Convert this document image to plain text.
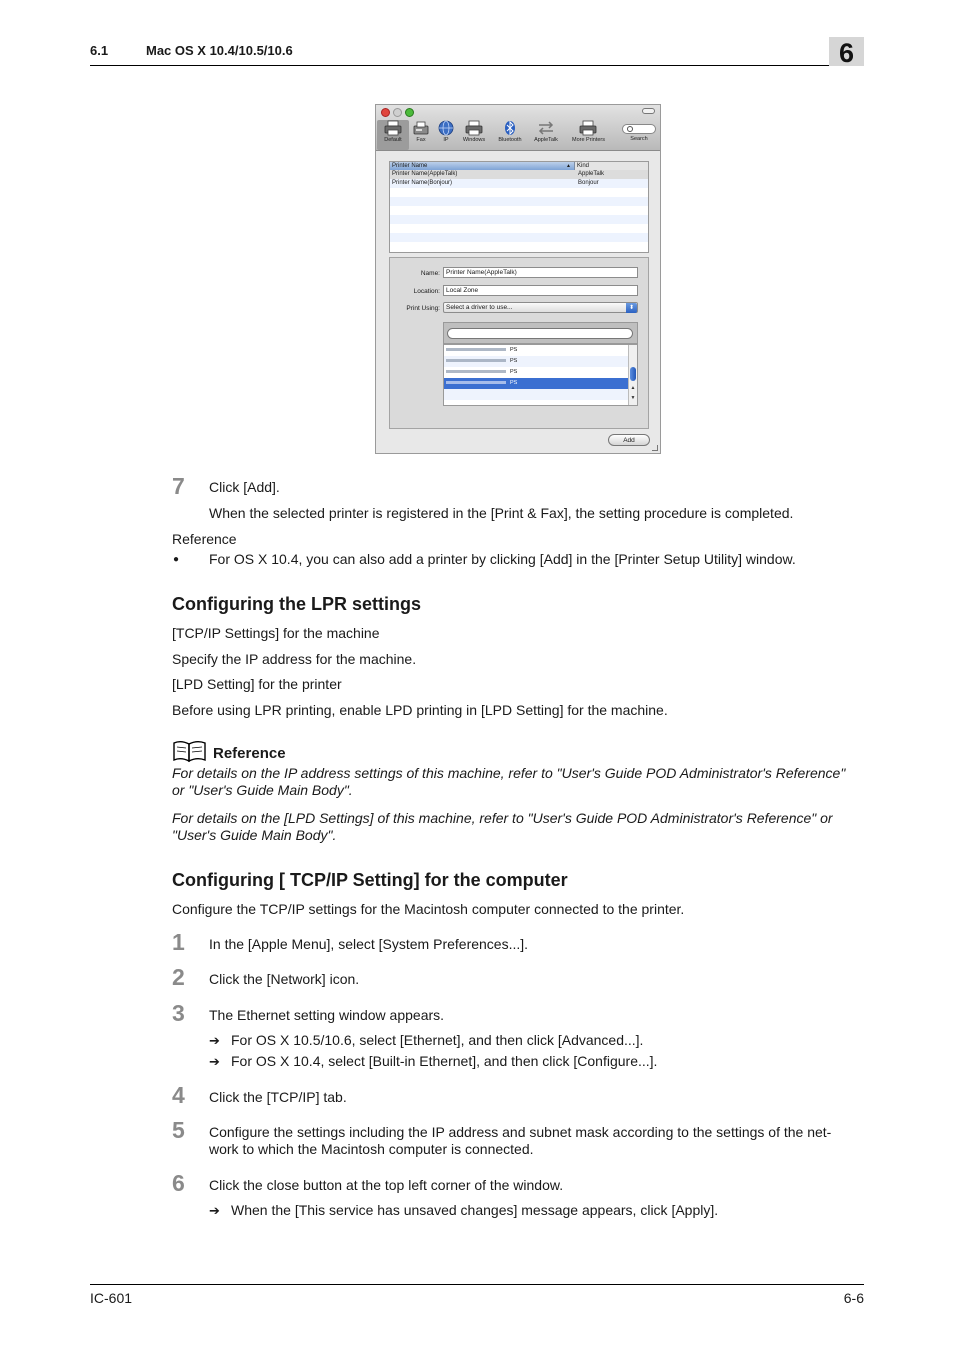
6.1	Mac OS X 10.4/10.5/10.6	6
Default	Fax	IP	Windows	Bluetooth	AppleTalk	More Printers	Search
Printer Name	▲	Kind
Printer Name(AppleTalk)	AppleTalk
Printer Name(Bonjour)	Bonjour
Name: Printer Name(AppleTalk)
Location: Local Zone
Print Using: Select a driver to use...	⬍
PS
PS
PS
PS
▲
▼
Add
7 Click [Add].
When the selected printer is registered in the [Print & Fax], the setting procedure is completed.
Reference
● For OS X 10.4, you can also add a printer by clicking [Add] in the [Printer Setup Utility] window.
Configuring the LPR settings
[TCP/IP Settings] for the machine
Specify the IP address for the machine.
[LPD Setting] for the printer
Before using LPR printing, enable LPD printing in [LPD Setting] for the machine.
Reference
For details on the IP address settings of this machine, refer to "User's Guide POD Administrator's Reference"
or "User's Guide Main Body".
For details on the [LPD Settings] of this machine, refer to "User's Guide POD Administrator's Reference" or
"User's Guide Main Body".
Configuring [ TCP/IP Setting] for the computer
Configure the TCP/IP settings for the Macintosh computer connected to the printer.
1 In the [Apple Menu], select [System Preferences...].
2 Click the [Network] icon.
3 The Ethernet setting window appears.
➔ For OS X 10.5/10.6, select [Ethernet], and then click [Advanced...].
➔ For OS X 10.4, select [Built-in Ethernet], and then click [Configure...].
4 Click the [TCP/IP] tab.
5 Configure the settings including the IP address and subnet mask according to the settings of the net-
work to which the Macintosh computer is connected.
6 Click the close button at the top left corner of the window.
➔ When the [This service has unsaved changes] message appears, click [Apply].
IC-601	6-6
